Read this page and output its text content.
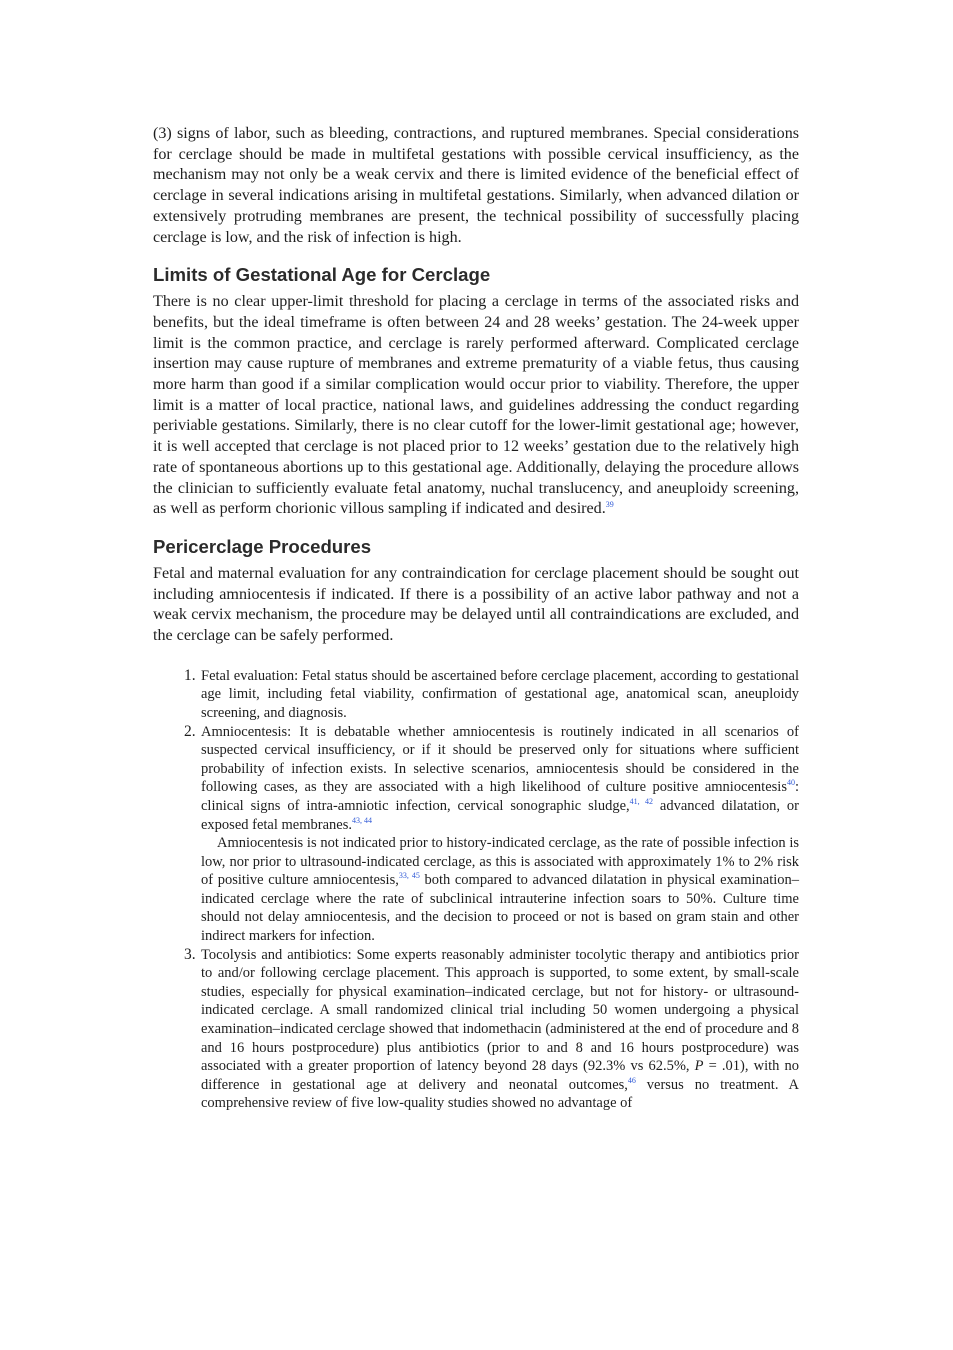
(3) signs of labor, such as bleeding, contractions, and ruptured membranes. Special considerations for cerclage should be made in multifetal gestations with possible cervical insufficiency, as the mechanism may not only be a weak cervix and there is limited evidence of the beneficial effect of cerclage in several indications arising in multifetal gestations. Similarly, when advanced dilation or extensively protruding membranes are present, the technical possibility of successfully placing cerclage is low, and the risk of infection is high.

Limits of Gestational Age for Cerclage

There is no clear upper-limit threshold for placing a cerclage in terms of the associated risks and benefits, but the ideal timeframe is often between 24 and 28 weeks’ gestation. The 24-week upper limit is the common practice, and cerclage is rarely performed afterward. Complicated cerclage insertion may cause rupture of membranes and extreme prematurity of a viable fetus, thus causing more harm than good if a similar complication would occur prior to viability. Therefore, the upper limit is a matter of local practice, national laws, and guidelines addressing the conduct regarding periviable gestations. Similarly, there is no clear cutoff for the lower-limit gestational age; however, it is well accepted that cerclage is not placed prior to 12 weeks’ gestation due to the relatively high rate of spontaneous abortions up to this gestational age. Additionally, delaying the procedure allows the clinician to sufficiently evaluate fetal anatomy, nuchal translucency, and aneuploidy screening, as well as perform chorionic villous sampling if indicated and desired.$^{39}$

Pericerclage Procedures

Fetal and maternal evaluation for any contraindication for cerclage placement should be sought out including amniocentesis if indicated. If there is a possibility of an active labor pathway and not a weak cervix mechanism, the procedure may be delayed until all contraindications are excluded, and the cerclage can be safely performed.

1. Fetal evaluation: Fetal status should be ascertained before cerclage placement, according to gestational age limit, including fetal viability, confirmation of gestational age, anatomical scan, aneuploidy screening, and diagnosis.
2. Amniocentesis: It is debatable whether amniocentesis is routinely indicated in all scenarios of suspected cervical insufficiency, or if it should be preserved only for situations where sufficient probability of infection exists. In selective scenarios, amniocentesis should be considered in the following cases, as they are associated with a high likelihood of culture positive amniocentesis$^{40}$: clinical signs of intra-amniotic infection, cervical sonographic sludge,$^{41, 42}$ advanced dilatation, or exposed fetal membranes.$^{43, 44}$

Amniocentesis is not indicated prior to history-indicated cerclage, as the rate of possible infection is low, nor prior to ultrasound-indicated cerclage, as this is associated with approximately 1% to 2% risk of positive culture amniocentesis,$^{33, 45}$ both compared to advanced dilatation in physical examination–indicated cerclage where the rate of subclinical intrauterine infection soars to 50%. Culture time should not delay amniocentesis, and the decision to proceed or not is based on gram stain and other indirect markers for infection.

3. Tocolysis and antibiotics: Some experts reasonably administer tocolytic therapy and antibiotics prior to and/or following cerclage placement. This approach is supported, to some extent, by small-scale studies, especially for physical examination–indicated cerclage, but not for history- or ultrasound-indicated cerclage. A small randomized clinical trial including 50 women undergoing a physical examination–indicated cerclage showed that indomethacin (administered at the end of procedure and 8 and 16 hours postprocedure) plus antibiotics (prior to and 8 and 16 hours postprocedure) was associated with a greater proportion of latency beyond 28 days (92.3% vs 62.5%, P = .01), with no difference in gestational age at delivery and neonatal outcomes,$^{46}$ versus no treatment. A comprehensive review of five low-quality studies showed no advantage of
